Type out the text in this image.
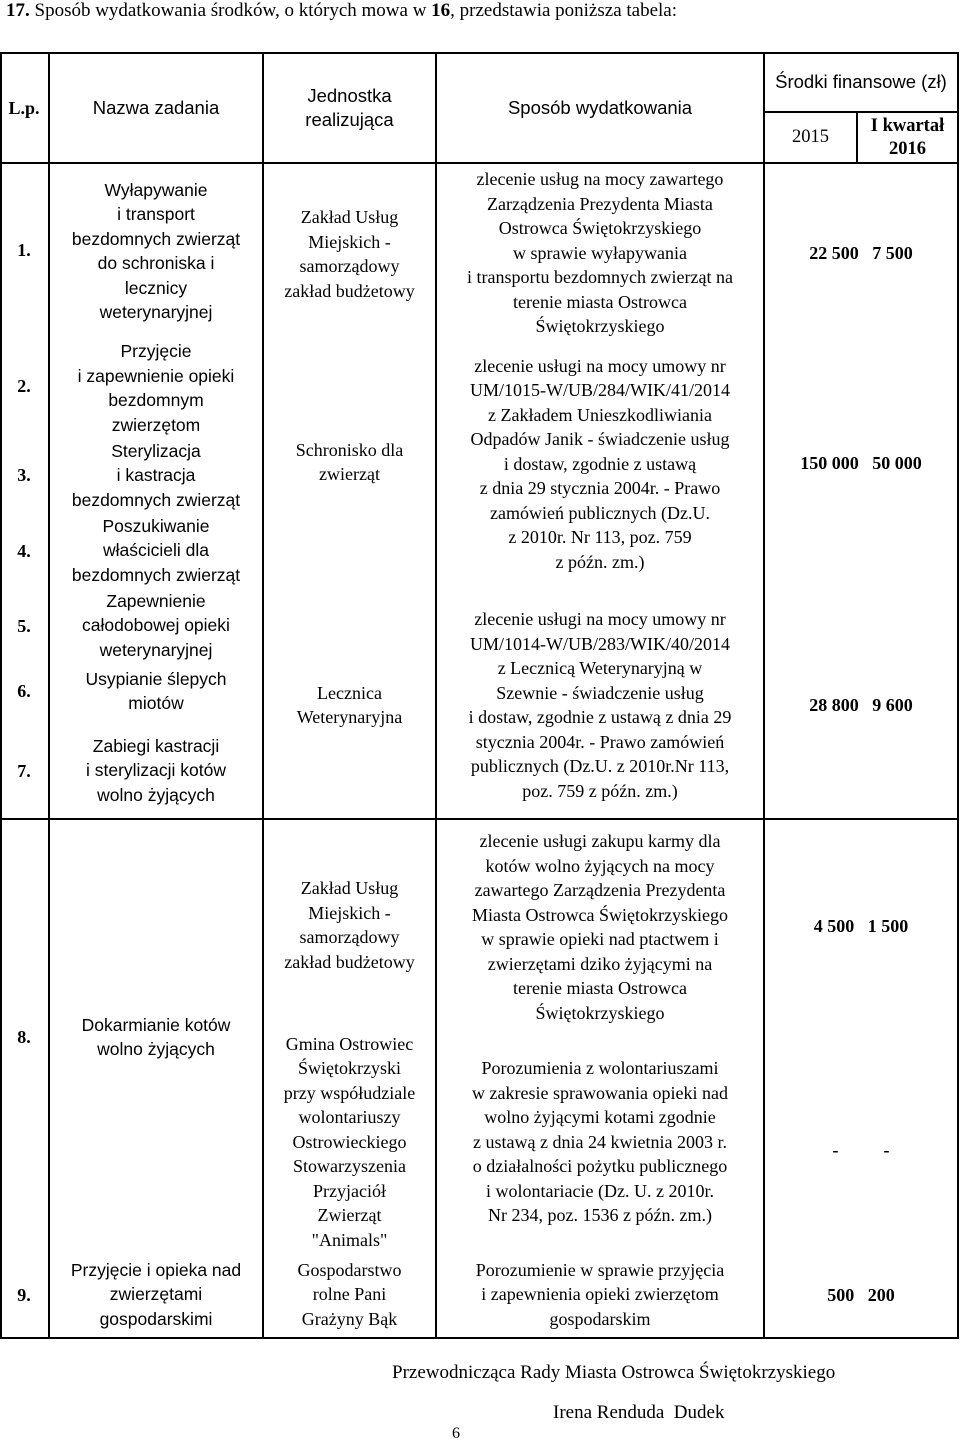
17. Sposób wydatkowania środków, o których mowa w 16, przedstawia poniższa tabela:
L.p.	Nazwa zadania
Jednostka realizująca
Sposób wydatkowania
Środki finansowe (zł)
2015
I kwartał 2016
1.
2.
3.
4.
5.
6.
7.
8.
9.
Wyłapywanie
i transport
bezdomnych zwierząt
do schroniska i
lecznicy
weterynaryjnej
Przyjęcie
i zapewnienie opieki
bezdomnym
zwierzętom
Sterylizacja
i kastracja
bezdomnych zwierząt
Poszukiwanie
właścicieli dla
bezdomnych zwierząt
Zapewnienie
całodobowej opieki
weterynaryjnej
Usypianie ślepych
miotów
Zabiegi kastracji
i sterylizacji kotów
wolno żyjących
Dokarmianie kotów
wolno żyjących
Przyjęcie i opieka nad
zwierzętami
gospodarskimi
Zakład Usług
Miejskich -
samorządowy
zakład budżetowy
Schronisko dla
zwierząt
Lecznica
Weterynaryjna
Zakład Usług
Miejskich -
samorządowy
zakład budżetowy
Gmina Ostrowiec
Świętokrzyski
przy współudziale
wolontariuszy
Ostrowieckiego
Stowarzyszenia
Przyjaciół
Zwierząt
"Animals"
Gospodarstwo
rolne Pani
Grażyny Bąk
zlecenie usług na mocy zawartego
Zarządzenia Prezydenta Miasta
Ostrowca Świętokrzyskiego
w sprawie wyłapywania
i transportu bezdomnych zwierząt na
terenie miasta Ostrowca
Świętokrzyskiego
zlecenie usługi na mocy umowy nr
UM/1015-W/UB/284/WIK/41/2014
z Zakładem Unieszkodliwiania
Odpadów Janik - świadczenie usług
i dostaw, zgodnie z ustawą
z dnia 29 stycznia 2004r. - Prawo
zamówień publicznych (Dz.U.
z 2010r. Nr 113, poz. 759
z późn. zm.)
zlecenie usługi na mocy umowy nr
UM/1014-W/UB/283/WIK/40/2014
z Lecznicą Weterynaryjną w
Szewnie - świadczenie usług
i dostaw, zgodnie z ustawą z dnia 29
stycznia 2004r. - Prawo zamówień
publicznych (Dz.U. z 2010r.Nr 113,
poz. 759 z późn. zm.)
zlecenie usługi zakupu karmy dla
kotów wolno żyjących na mocy
zawartego Zarządzenia Prezydenta
Miasta Ostrowca Świętokrzyskiego
w sprawie opieki nad ptactwem i
zwierzętami dziko żyjącymi na
terenie miasta Ostrowca
Świętokrzyskiego
Porozumienia z wolontariuszami
w zakresie sprawowania opieki nad
wolno żyjącymi kotami zgodnie
z ustawą z dnia 24 kwietnia 2003 r.
o działalności pożytku publicznego
i wolontariacie (Dz. U. z 2010r.
Nr 234, poz. 1536 z późn. zm.)
Porozumienie w sprawie przyjęcia
i zapewnienia opieki zwierzętom
gospodarskim
22 500   7 500
150 000   50 000
28 800   9 600
4 500   1 500
-          -
500   200
Przewodnicząca Rady Miasta Ostrowca Świętokrzyskiego
Irena Renduda  Dudek
6
